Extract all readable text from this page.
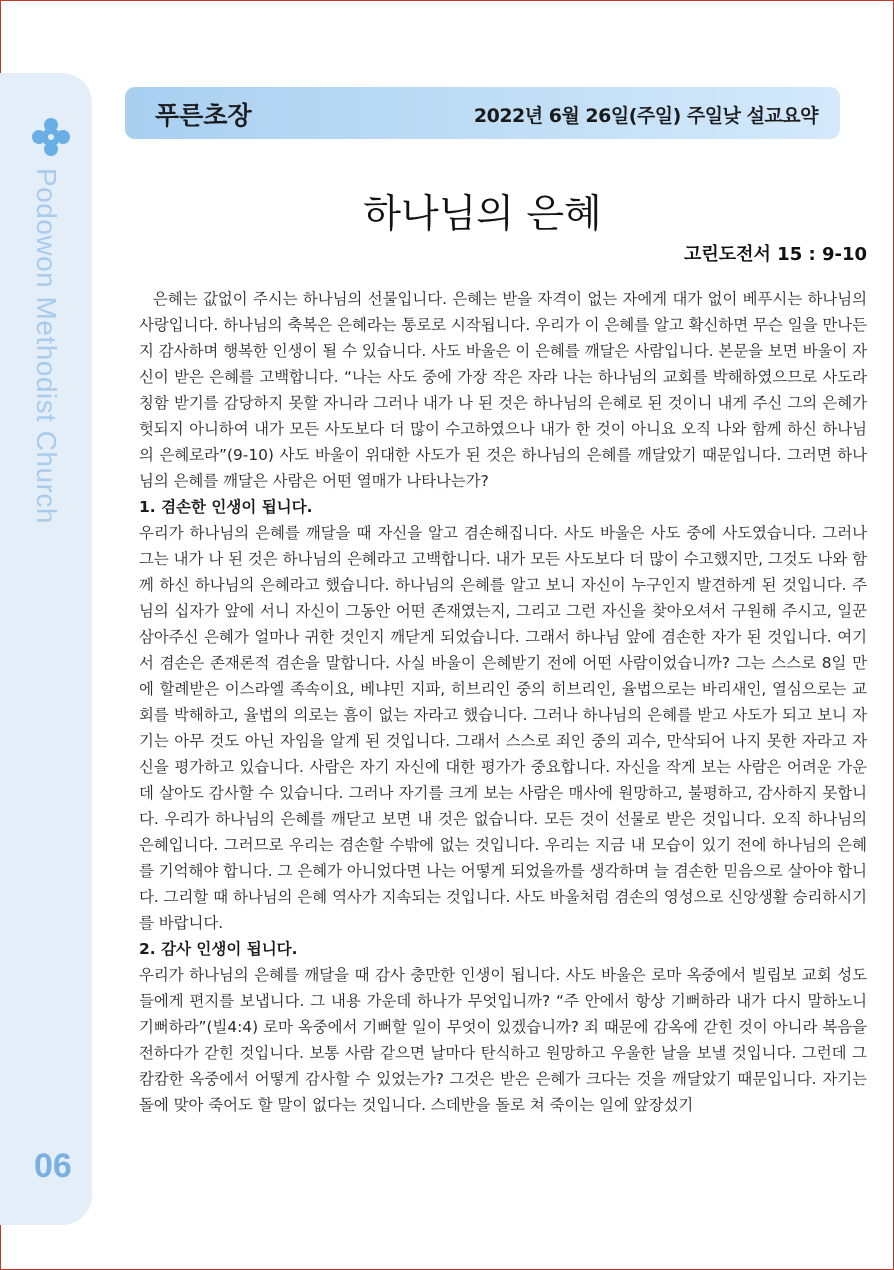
Podowon Methodist Church
06
푸른초장	2022년 6월 26일(주일) 주일낮 설교요약
하나님의 은혜
고린도전서 15 : 9-10

은혜는 값없이 주시는 하나님의 선물입니다. 은혜는 받을 자격이 없는 자에게 대가 없이 베푸시는 하나님의 사랑입니다. 하나님의 축복은 은혜라는 통로로 시작됩니다. 우리가 이 은혜를 알고 확신하면 무슨 일을 만나든지 감사하며 행복한 인생이 될 수 있습니다. 사도 바울은 이 은혜를 깨달은 사람입니다. 본문을 보면 바울이 자신이 받은 은혜를 고백합니다. “나는 사도 중에 가장 작은 자라 나는 하나님의 교회를 박해하였으므로 사도라 칭함 받기를 감당하지 못할 자니라 그러나 내가 나 된 것은 하나님의 은혜로 된 것이니 내게 주신 그의 은혜가 헛되지 아니하여 내가 모든 사도보다 더 많이 수고하였으나 내가 한 것이 아니요 오직 나와 함께 하신 하나님의 은혜로라”(9-10) 사도 바울이 위대한 사도가 된 것은 하나님의 은혜를 깨달았기 때문입니다. 그러면 하나님의 은혜를 깨달은 사람은 어떤 열매가 나타나는가?

1. 겸손한 인생이 됩니다.

우리가 하나님의 은혜를 깨달을 때 자신을 알고 겸손해집니다. 사도 바울은 사도 중에 사도였습니다. 그러나 그는 내가 나 된 것은 하나님의 은혜라고 고백합니다. 내가 모든 사도보다 더 많이 수고했지만, 그것도 나와 함께 하신 하나님의 은혜라고 했습니다. 하나님의 은혜를 알고 보니 자신이 누구인지 발견하게 된 것입니다. 주님의 십자가 앞에 서니 자신이 그동안 어떤 존재였는지, 그리고 그런 자신을 찾아오셔서 구원해 주시고, 일꾼 삼아주신 은혜가 얼마나 귀한 것인지 깨닫게 되었습니다. 그래서 하나님 앞에 겸손한 자가 된 것입니다. 여기서 겸손은 존재론적 겸손을 말합니다. 사실 바울이 은혜받기 전에 어떤 사람이었습니까? 그는 스스로 8일 만에 할례받은 이스라엘 족속이요, 베냐민 지파, 히브리인 중의 히브리인, 율법으로는 바리새인, 열심으로는 교회를 박해하고, 율법의 의로는 흠이 없는 자라고 했습니다. 그러나 하나님의 은혜를 받고 사도가 되고 보니 자기는 아무 것도 아닌 자임을 알게 된 것입니다. 그래서 스스로 죄인 중의 괴수, 만삭되어 나지 못한 자라고 자신을 평가하고 있습니다. 사람은 자기 자신에 대한 평가가 중요합니다. 자신을 작게 보는 사람은 어려운 가운데 살아도 감사할 수 있습니다. 그러나 자기를 크게 보는 사람은 매사에 원망하고, 불평하고, 감사하지 못합니다. 우리가 하나님의 은혜를 깨닫고 보면 내 것은 없습니다. 모든 것이 선물로 받은 것입니다. 오직 하나님의 은혜입니다. 그러므로 우리는 겸손할 수밖에 없는 것입니다. 우리는 지금 내 모습이 있기 전에 하나님의 은혜를 기억해야 합니다. 그 은혜가 아니었다면 나는 어떻게 되었을까를 생각하며 늘 겸손한 믿음으로 살아야 합니다. 그리할 때 하나님의 은혜 역사가 지속되는 것입니다. 사도 바울처럼 겸손의 영성으로 신앙생활 승리하시기를 바랍니다.

2. 감사 인생이 됩니다.

우리가 하나님의 은혜를 깨달을 때 감사 충만한 인생이 됩니다. 사도 바울은 로마 옥중에서 빌립보 교회 성도들에게 편지를 보냅니다. 그 내용 가운데 하나가 무엇입니까? “주 안에서 항상 기뻐하라 내가 다시 말하노니 기뻐하라”(빌4:4) 로마 옥중에서 기뻐할 일이 무엇이 있겠습니까? 죄 때문에 감옥에 갇힌 것이 아니라 복음을 전하다가 갇힌 것입니다. 보통 사람 같으면 날마다 탄식하고 원망하고 우울한 날을 보낼 것입니다. 그런데 그 캄캄한 옥중에서 어떻게 감사할 수 있었는가? 그것은 받은 은혜가 크다는 것을 깨달았기 때문입니다. 자기는 돌에 맞아 죽어도 할 말이 없다는 것입니다. 스데반을 돌로 쳐 죽이는 일에 앞장섰기
